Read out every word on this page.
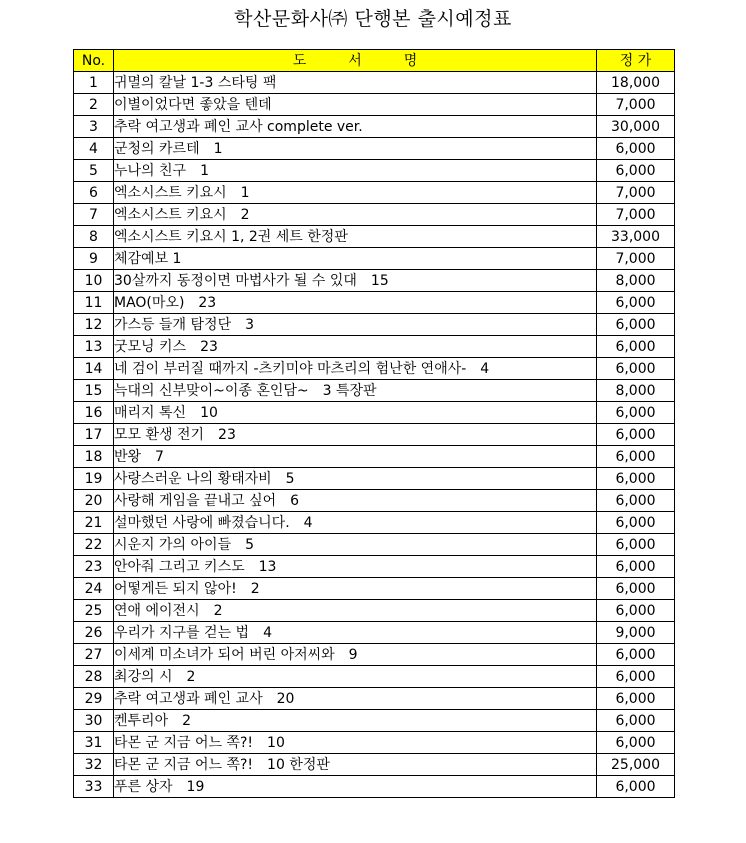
학산문화사㈜ 단행본 출시예정표
No.	도　　　서　　　명	정 가
1	귀멸의 칼날 1-3 스타팅 팩	18,000
2	이별이었다면 좋았을 텐데	7,000
3	추락 여고생과 폐인 교사 complete ver.	30,000
4	군청의 카르테　1	6,000
5	누나의 친구　1	6,000
6	엑소시스트 키요시　1	7,000
7	엑소시스트 키요시　2	7,000
8	엑소시스트 키요시 1, 2권 세트 한정판	33,000
9	체감예보 1	7,000
10	30살까지 동정이면 마법사가 될 수 있대　15	8,000
11	MAO(마오)　23	6,000
12	가스등 들개 탐정단　3	6,000
13	굿모닝 키스　23	6,000
14	네 검이 부러질 때까지 -츠키미야 마츠리의 험난한 연애사-　4	6,000
15	늑대의 신부맞이~이종 혼인담~　3 특장판	8,000
16	매리지 톡신　10	6,000
17	모모 환생 전기　23	6,000
18	반왕　7	6,000
19	사랑스러운 나의 황태자비　5	6,000
20	사랑해 게임을 끝내고 싶어　6	6,000
21	설마했던 사랑에 빠졌습니다.　4	6,000
22	시운지 가의 아이들　5	6,000
23	안아줘 그리고 키스도　13	6,000
24	어떻게든 되지 않아!　2	6,000
25	연애 에이전시　2	6,000
26	우리가 지구를 걷는 법　4	9,000
27	이세계 미소녀가 되어 버린 아저씨와　9	6,000
28	최강의 시　2	6,000
29	추락 여고생과 폐인 교사　20	6,000
30	켄투리아　2	6,000
31	타몬 군 지금 어느 쪽?!　10	6,000
32	타몬 군 지금 어느 쪽?!　10 한정판	25,000
33	푸른 상자　19	6,000
